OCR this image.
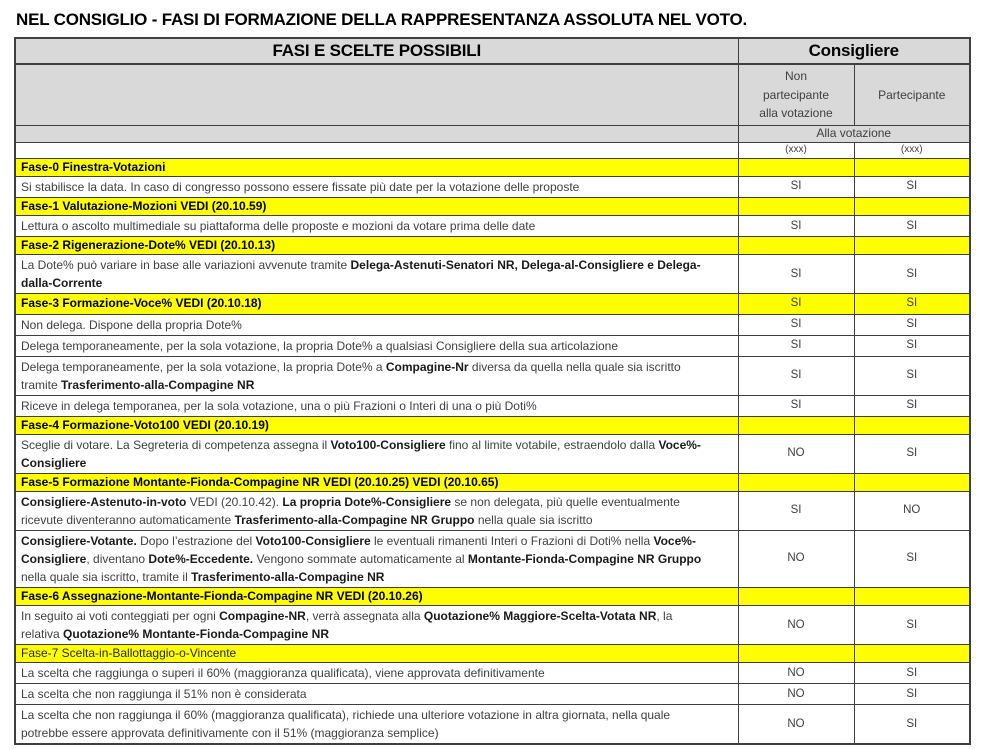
NEL CONSIGLIO - FASI DI FORMAZIONE DELLA RAPPRESENTANZA ASSOLUTA NEL VOTO.
FASI E SCELTE POSSIBILI	Consigliere	
	Non partecipante alla votazione	Partecipante
	Alla votazione	
	(xxx)	(xxx)
Fase-0 Finestra-Votazioni		
Si stabilisce la data. In caso di congresso possono essere fissate più date per la votazione delle proposte	SI	SI
Fase-1 Valutazione-Mozioni VEDI (20.10.59)		
Lettura o ascolto multimediale su piattaforma delle proposte e mozioni da votare prima delle date	SI	SI
Fase-2 Rigenerazione-Dote% VEDI (20.10.13)		
La Dote% può variare in base alle variazioni avvenute tramite Delega-Astenuti-Senatori NR, Delega-al-Consigliere e Delega-dalla-Corrente	SI	SI
Fase-3 Formazione-Voce% VEDI (20.10.18)	SI	SI
Non delega. Dispone della propria Dote%	SI	SI
Delega temporaneamente, per la sola votazione, la propria Dote% a qualsiasi Consigliere della sua articolazione	SI	SI
Delega temporaneamente, per la sola votazione, la propria Dote% a Compagine-Nr diversa da quella nella quale sia iscritto tramite Trasferimento-alla-Compagine NR	SI	SI
Riceve in delega temporanea, per la sola votazione, una o più Frazioni o Interi di una o più Doti%	SI	SI
Fase-4 Formazione-Voto100 VEDI (20.10.19)		
Sceglie di votare. La Segreteria di competenza assegna il Voto100-Consigliere fino al limite votabile, estraendolo dalla Voce%-Consigliere	NO	SI
Fase-5 Formazione Montante-Fionda-Compagine NR VEDI (20.10.25) VEDI (20.10.65)		
Consigliere-Astenuto-in-voto VEDI (20.10.42). La propria Dote%-Consigliere se non delegata, più quelle eventualmente ricevute diventeranno automaticamente Trasferimento-alla-Compagine NR Gruppo nella quale sia iscritto	SI	NO
Consigliere-Votante. Dopo l’estrazione del Voto100-Consigliere le eventuali rimanenti Interi o Frazioni di Doti% nella Voce%-Consigliere, diventano Dote%-Eccedente. Vengono sommate automaticamente al Montante-Fionda-Compagine NR Gruppo nella quale sia iscritto, tramite il Trasferimento-alla-Compagine NR	NO	SI
Fase-6 Assegnazione-Montante-Fionda-Compagine NR VEDI (20.10.26)		
In seguito ai voti conteggiati per ogni Compagine-NR, verrà assegnata alla Quotazione% Maggiore-Scelta-Votata NR, la relativa Quotazione% Montante-Fionda-Compagine NR	NO	SI
Fase-7 Scelta-in-Ballottaggio-o-Vincente		
La scelta che raggiunga o superi il 60% (maggioranza qualificata), viene approvata definitivamente	NO	SI
La scelta che non raggiunga il 51% non è considerata	NO	SI
La scelta che non raggiunga il 60% (maggioranza qualificata), richiede una ulteriore votazione in altra giornata, nella quale potrebbe essere approvata definitivamente con il 51% (maggioranza semplice)	NO	SI
